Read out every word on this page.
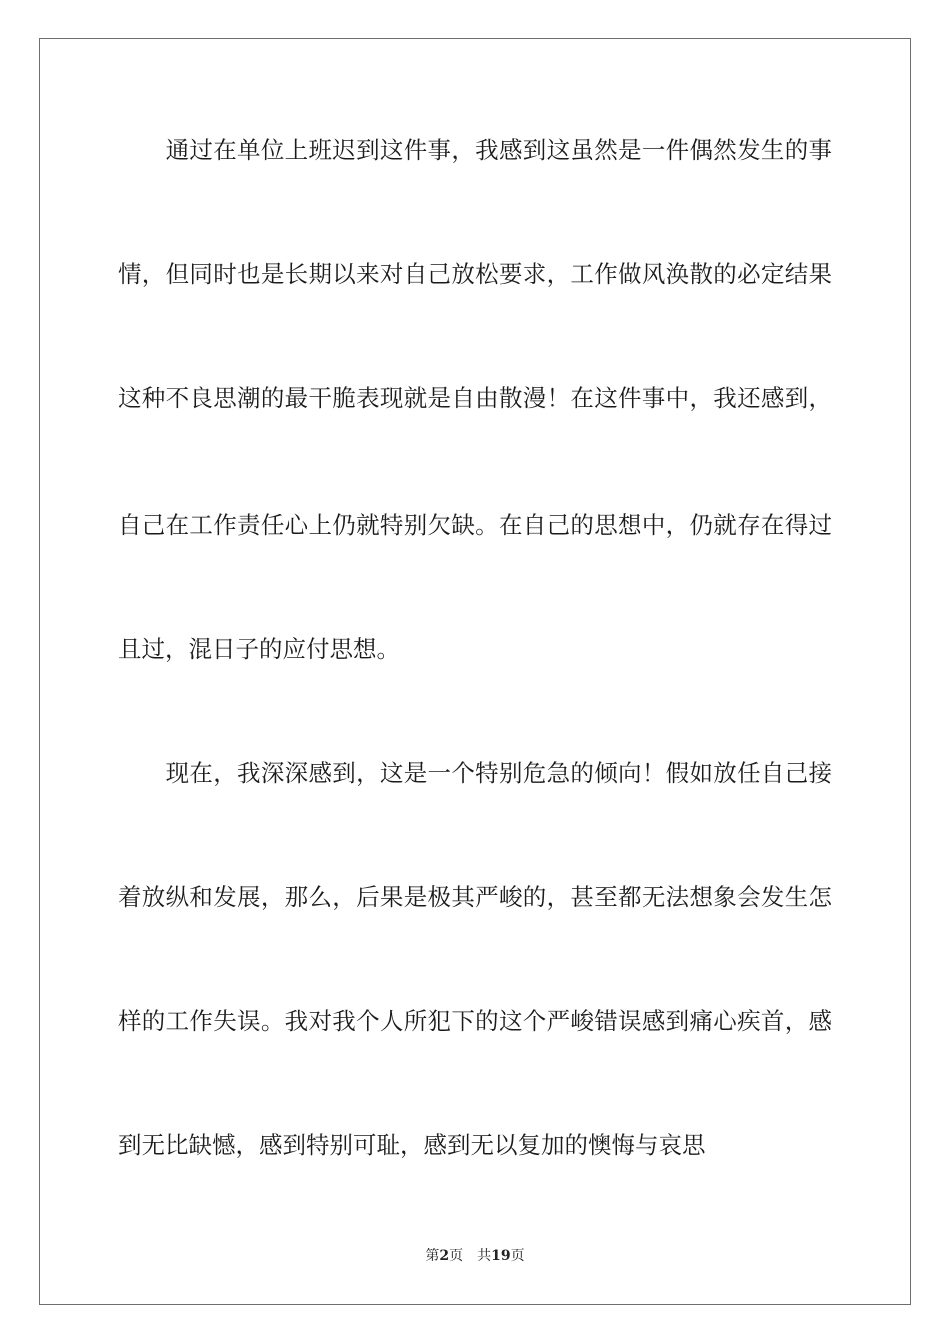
　　通过在单位上班迟到这件事，我感到这虽然是一件偶然发生的事
情，但同时也是长期以来对自己放松要求，工作做风涣散的必定结果
这种不良思潮的最干脆表现就是自由散漫！在这件事中，我还感到，
自己在工作责任心上仍就特别欠缺。在自己的思想中，仍就存在得过
且过，混日子的应付思想。
　　现在，我深深感到，这是一个特别危急的倾向！假如放任自己接
着放纵和发展，那么，后果是极其严峻的，甚至都无法想象会发生怎
样的工作失误。我对我个人所犯下的这个严峻错误感到痛心疾首，感
到无比缺憾，感到特别可耻，感到无以复加的懊悔与哀思
第2页 共19页
